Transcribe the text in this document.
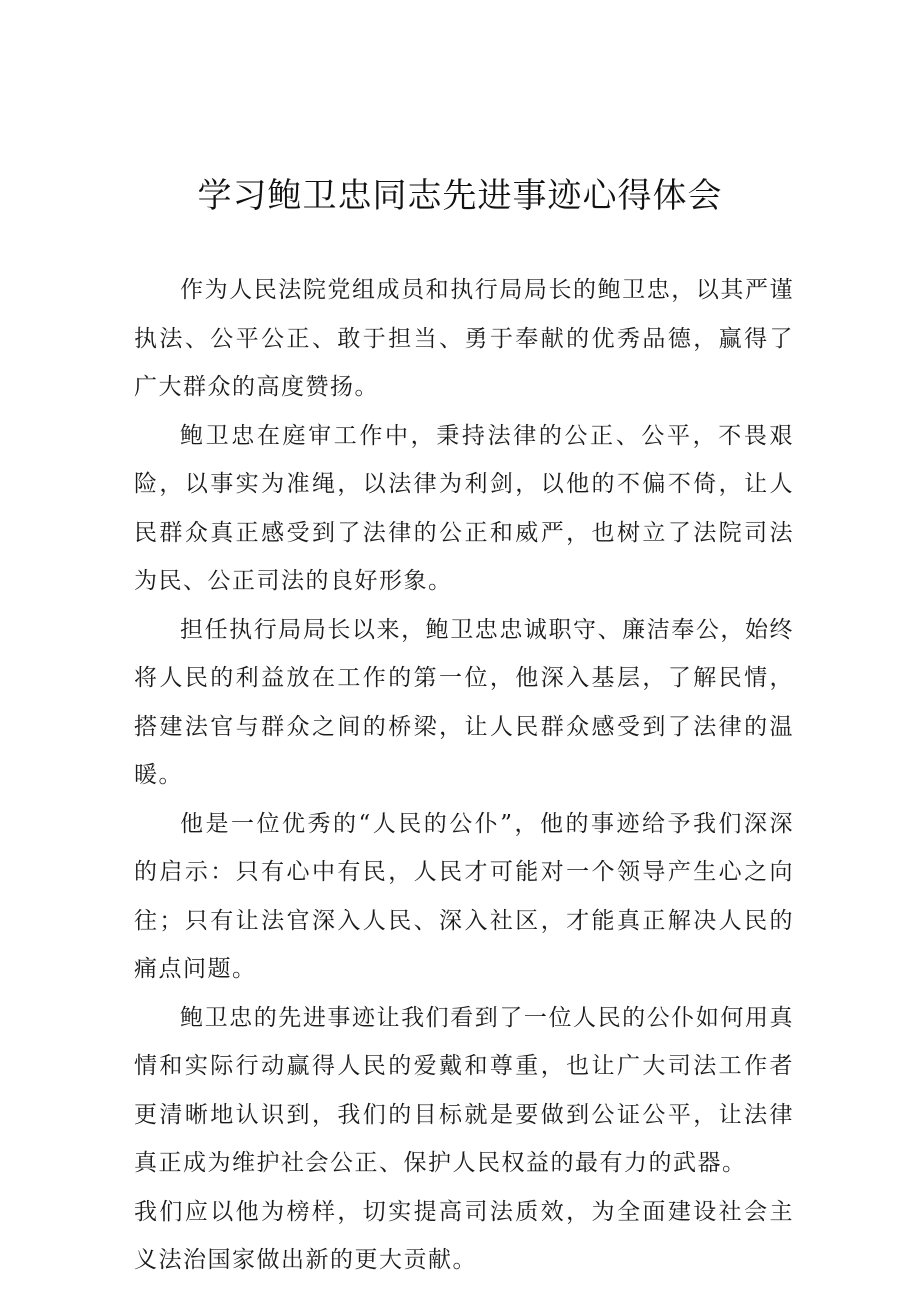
学习鲍卫忠同志先进事迹心得体会

作为人民法院党组成员和执行局局长的鲍卫忠，以其严谨执法、公平公正、敢于担当、勇于奉献的优秀品德，赢得了广大群众的高度赞扬。

鲍卫忠在庭审工作中，秉持法律的公正、公平，不畏艰险，以事实为准绳，以法律为利剑，以他的不偏不倚，让人民群众真正感受到了法律的公正和威严，也树立了法院司法为民、公正司法的良好形象。

担任执行局局长以来，鲍卫忠忠诚职守、廉洁奉公，始终将人民的利益放在工作的第一位，他深入基层，了解民情，搭建法官与群众之间的桥梁，让人民群众感受到了法律的温暖。

他是一位优秀的“人民的公仆”，他的事迹给予我们深深的启示：只有心中有民，人民才可能对一个领导产生心之向往；只有让法官深入人民、深入社区，才能真正解决人民的痛点问题。

鲍卫忠的先进事迹让我们看到了一位人民的公仆如何用真情和实际行动赢得人民的爱戴和尊重，也让广大司法工作者更清晰地认识到，我们的目标就是要做到公证公平，让法律真正成为维护社会公正、保护人民权益的最有力的武器。

我们应以他为榜样，切实提高司法质效，为全面建设社会主义法治国家做出新的更大贡献。
